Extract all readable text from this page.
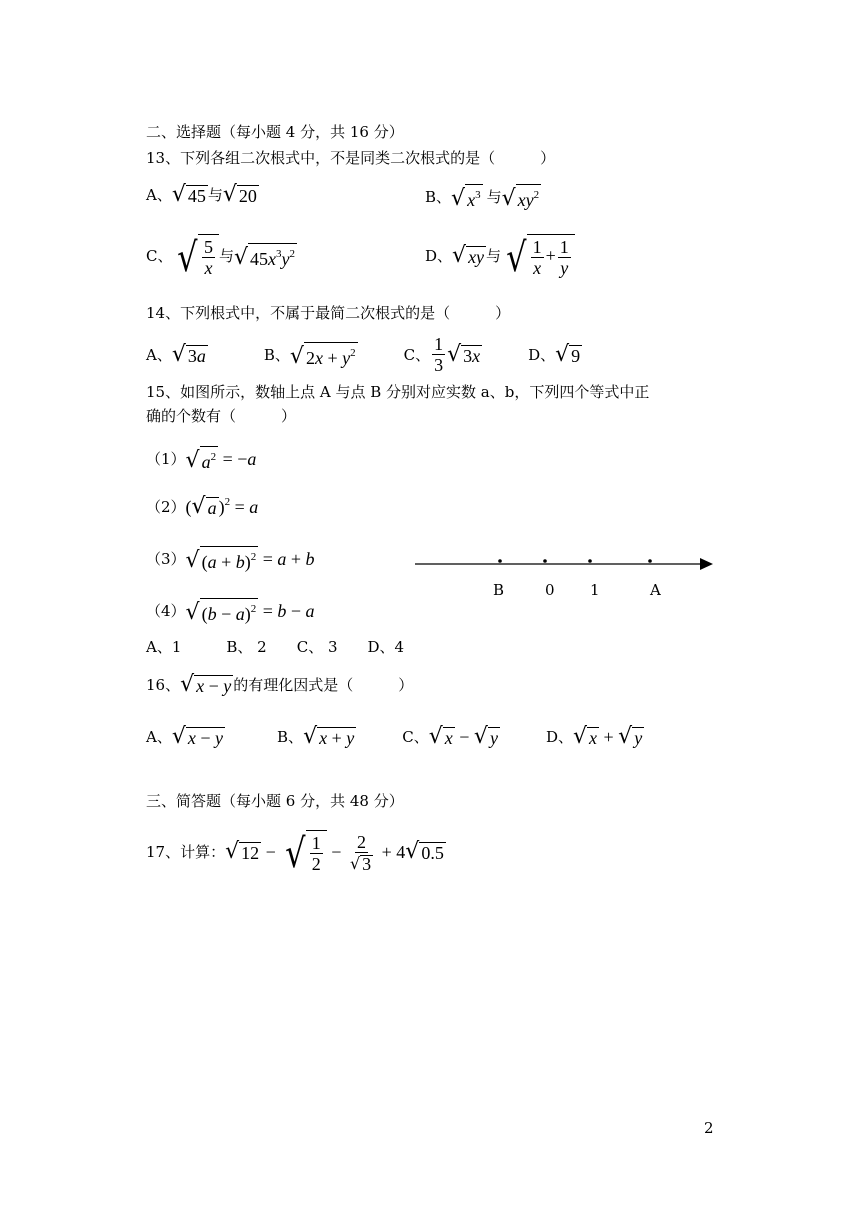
二、选择题（每小题 4 分，共 16 分）
13、下列各组二次根式中，不是同类二次根式的是（　　　）
A、 √ 45 与 √ 20	B、 √ $x^3$ 与 √ $xy^2$
C、 √ $\frac{5}{x}$ 与 √ $45x^3y^2$	D、 √ xy 与 √ $\frac{1}{x} + \frac{1}{y}$
14、下列根式中，不属于最简二次根式的是（　　　）
A、 √ 3a	B、 √ $2x + y^2$	C、 $\frac{1}{3}$ √ 3x	D、 √ 9
15、如图所示，数轴上点 A 与点 B 分别对应实数 a、b，下列四个等式中正
确的个数有（　　　）
（1） √ $a^2 = -a$
（2） ( √ a )$^2$ = a
（3） √ $(a + b)^2 = a + b$
（4） √ $(b - a)^2 = b - a$
B	0 1	A
A、1　　　B、 2　　C、 3　　D、4
16、 √ x − y 的有理化因式是（　　　）
A、 √ x − y	B、 √ x + y	C、 √ x − √ y	D、 √ x + √ y
三、简答题（每小题 6 分，共 48 分）
17、计算： √ 12 − √ $\frac{1}{2} - \frac{2}{√ 3} + 4$ √ 0.5
2
